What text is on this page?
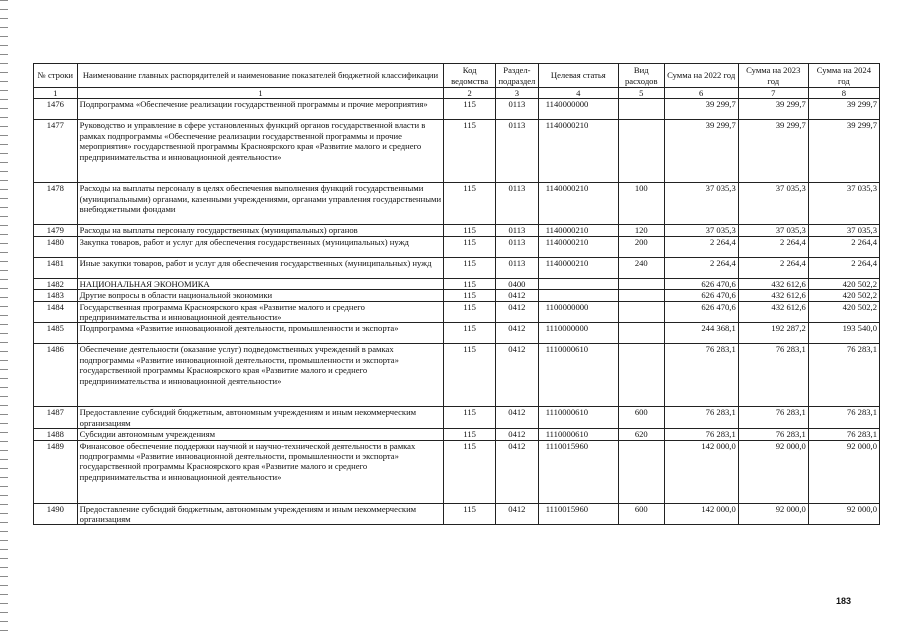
№ строки	Наименование главных распорядителей и наименование показателей бюджетной классификации	Код ведомства	Раздел-подраздел	Целевая статья	Вид расходов	Сумма на 2022 год	Сумма на 2023 год	Сумма на 2024 год
1	1	2	3	4	5	6	7	8
1476	Подпрограмма «Обеспечение реализации государственной программы и прочие мероприятия»	115	0113	1140000000		39 299,7	39 299,7	39 299,7
1477	Руководство и управление в сфере установленных функций органов государственной власти в рамках подпрограммы «Обеспечение реализации государственной программы и прочие мероприятия» государственной программы Красноярского края «Развитие малого и среднего предпринимательства и инновационной деятельности»	115	0113	1140000210		39 299,7	39 299,7	39 299,7
1478	Расходы на выплаты персоналу в целях обеспечения выполнения функций государственными (муниципальными) органами, казенными учреждениями, органами управления государственными внебюджетными фондами	115	0113	1140000210	100	37 035,3	37 035,3	37 035,3
1479	Расходы на выплаты персоналу государственных (муниципальных) органов	115	0113	1140000210	120	37 035,3	37 035,3	37 035,3
1480	Закупка товаров, работ и услуг для обеспечения государственных (муниципальных) нужд	115	0113	1140000210	200	2 264,4	2 264,4	2 264,4
1481	Иные закупки товаров, работ и услуг для обеспечения государственных (муниципальных) нужд	115	0113	1140000210	240	2 264,4	2 264,4	2 264,4
1482	НАЦИОНАЛЬНАЯ ЭКОНОМИКА	115	0400			626 470,6	432 612,6	420 502,2
1483	Другие вопросы в области национальной экономики	115	0412			626 470,6	432 612,6	420 502,2
1484	Государственная программа Красноярского края «Развитие малого и среднего предпринимательства и инновационной деятельности»	115	0412	1100000000		626 470,6	432 612,6	420 502,2
1485	Подпрограмма «Развитие инновационной деятельности, промышленности и экспорта»	115	0412	1110000000		244 368,1	192 287,2	193 540,0
1486	Обеспечение деятельности (оказание услуг) подведомственных учреждений в рамках подпрограммы «Развитие инновационной деятельности, промышленности и экспорта» государственной программы Красноярского края «Развитие малого и среднего предпринимательства и инновационной деятельности»	115	0412	1110000610		76 283,1	76 283,1	76 283,1
1487	Предоставление субсидий бюджетным, автономным учреждениям и иным некоммерческим организациям	115	0412	1110000610	600	76 283,1	76 283,1	76 283,1
1488	Субсидии автономным учреждениям	115	0412	1110000610	620	76 283,1	76 283,1	76 283,1
1489	Финансовое обеспечение поддержки научной и научно-технической деятельности в рамках подпрограммы «Развитие инновационной деятельности, промышленности и экспорта» государственной программы Красноярского края «Развитие малого и среднего предпринимательства и инновационной деятельности»	115	0412	1110015960		142 000,0	92 000,0	92 000,0
1490	Предоставление субсидий бюджетным, автономным учреждениям и иным некоммерческим организациям	115	0412	1110015960	600	142 000,0	92 000,0	92 000,0
183
